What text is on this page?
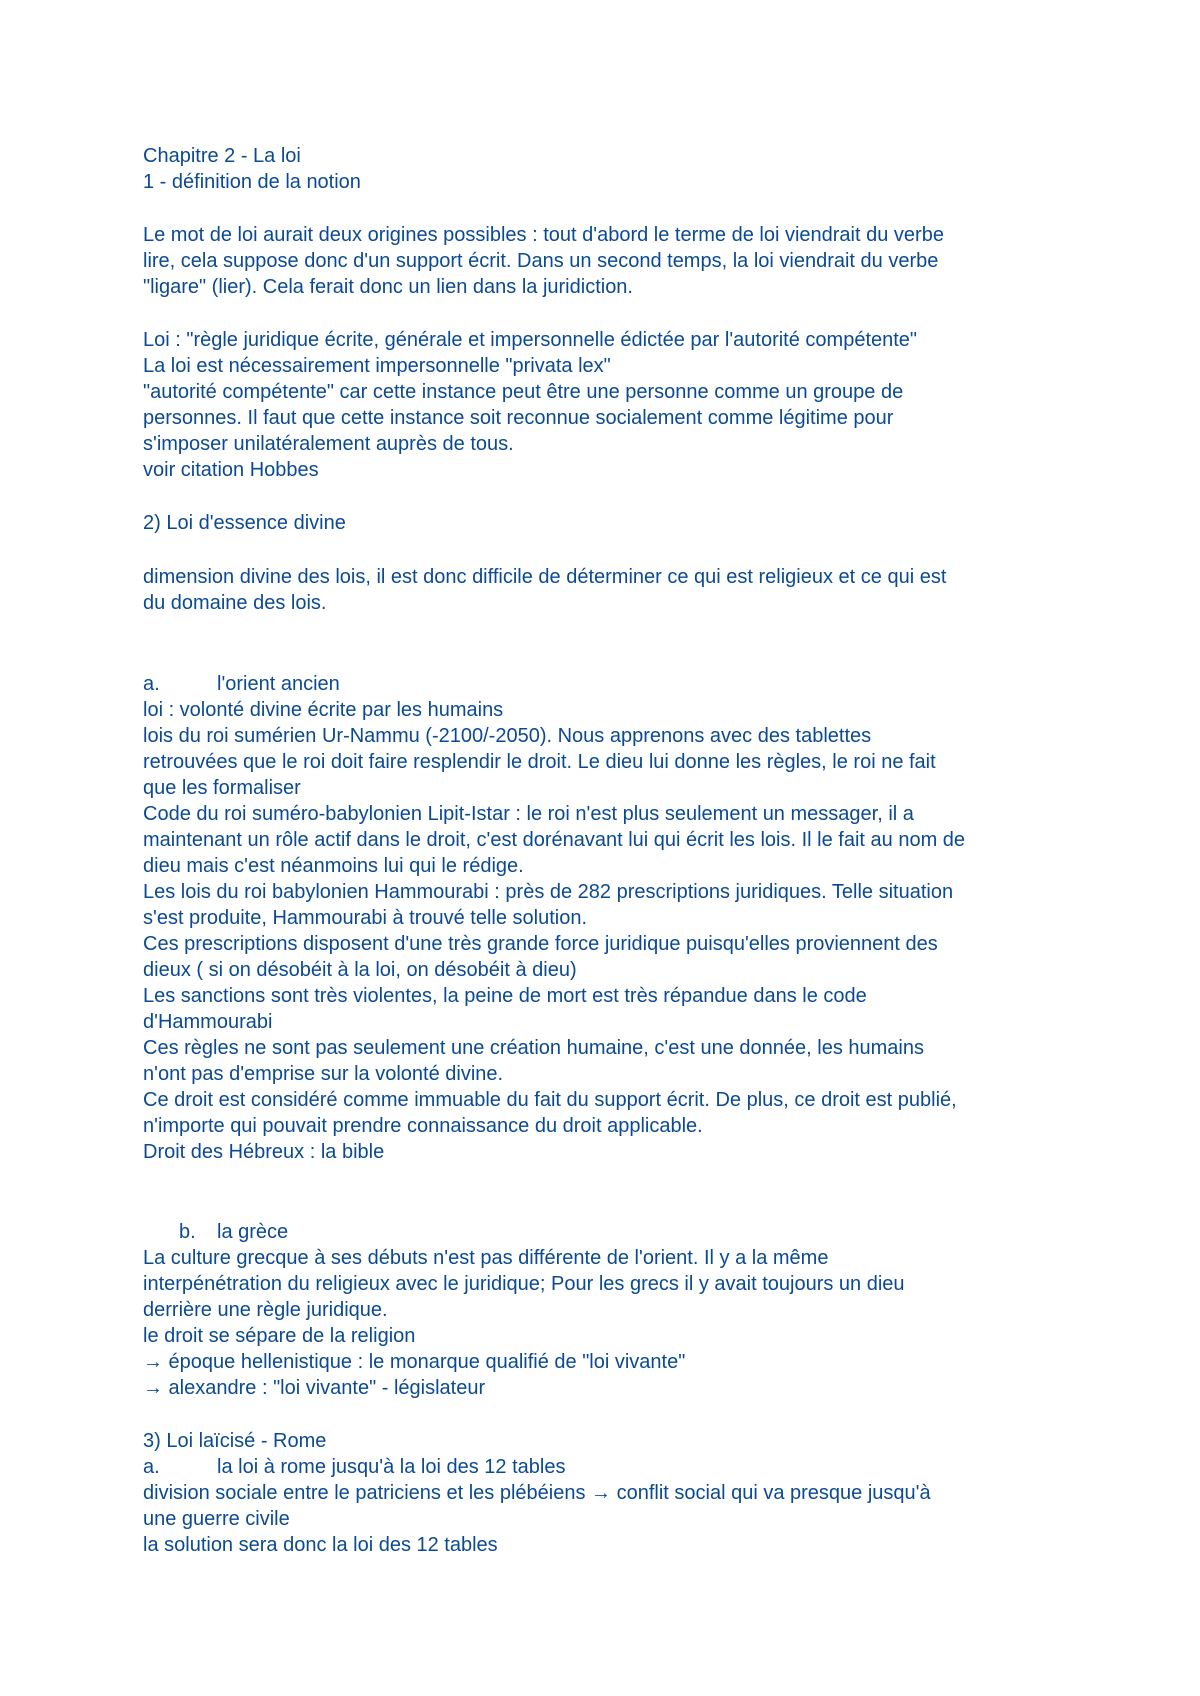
Chapitre 2 - La loi
1 - définition de la notion
Le mot de loi aurait deux origines possibles : tout d'abord le terme de loi viendrait du verbe
lire, cela suppose donc d'un support écrit. Dans un second temps, la loi viendrait du verbe
"ligare" (lier). Cela ferait donc un lien dans la juridiction.
Loi : "règle juridique écrite, générale et impersonnelle édictée par l'autorité compétente"
La loi est nécessairement impersonnelle "privata lex"
"autorité compétente" car cette instance peut être une personne comme un groupe de
personnes. Il faut que cette instance soit reconnue socialement comme légitime pour
s'imposer unilatéralement auprès de tous.
voir citation Hobbes
2) Loi d'essence divine
dimension divine des lois, il est donc difficile de déterminer ce qui est religieux et ce qui est
du domaine des lois.
a.	l'orient ancien
loi : volonté divine écrite par les humains
lois du roi sumérien Ur-Nammu (-2100/-2050). Nous apprenons avec des tablettes
retrouvées que le roi doit faire resplendir le droit. Le dieu lui donne les règles, le roi ne fait
que les formaliser
Code du roi suméro-babylonien Lipit-Istar : le roi n'est plus seulement un messager, il a
maintenant un rôle actif dans le droit, c'est dorénavant lui qui écrit les lois. Il le fait au nom de
dieu mais c'est néanmoins lui qui le rédige.
Les lois du roi babylonien Hammourabi : près de 282 prescriptions juridiques. Telle situation
s'est produite, Hammourabi à trouvé telle solution.
Ces prescriptions disposent d'une très grande force juridique puisqu'elles proviennent des
dieux ( si on désobéit à la loi, on désobéit à dieu)
Les sanctions sont très violentes, la peine de mort est très répandue dans le code
d'Hammourabi
Ces règles ne sont pas seulement une création humaine, c'est une donnée, les humains
n'ont pas d'emprise sur la volonté divine.
Ce droit est considéré comme immuable du fait du support écrit. De plus, ce droit est publié,
n'importe qui pouvait prendre connaissance du droit applicable.
Droit des Hébreux : la bible
b. la grèce
La culture grecque à ses débuts n'est pas différente de l'orient. Il y a la même
interpénétration du religieux avec le juridique; Pour les grecs il y avait toujours un dieu
derrière une règle juridique.
le droit se sépare de la religion
→ époque hellenistique : le monarque qualifié de "loi vivante"
→ alexandre : "loi vivante" - législateur
3) Loi laïcisé - Rome
a.	la loi à rome jusqu'à la loi des 12 tables
division sociale entre le patriciens et les plébéiens → conflit social qui va presque jusqu'à
une guerre civile
la solution sera donc la loi des 12 tables
